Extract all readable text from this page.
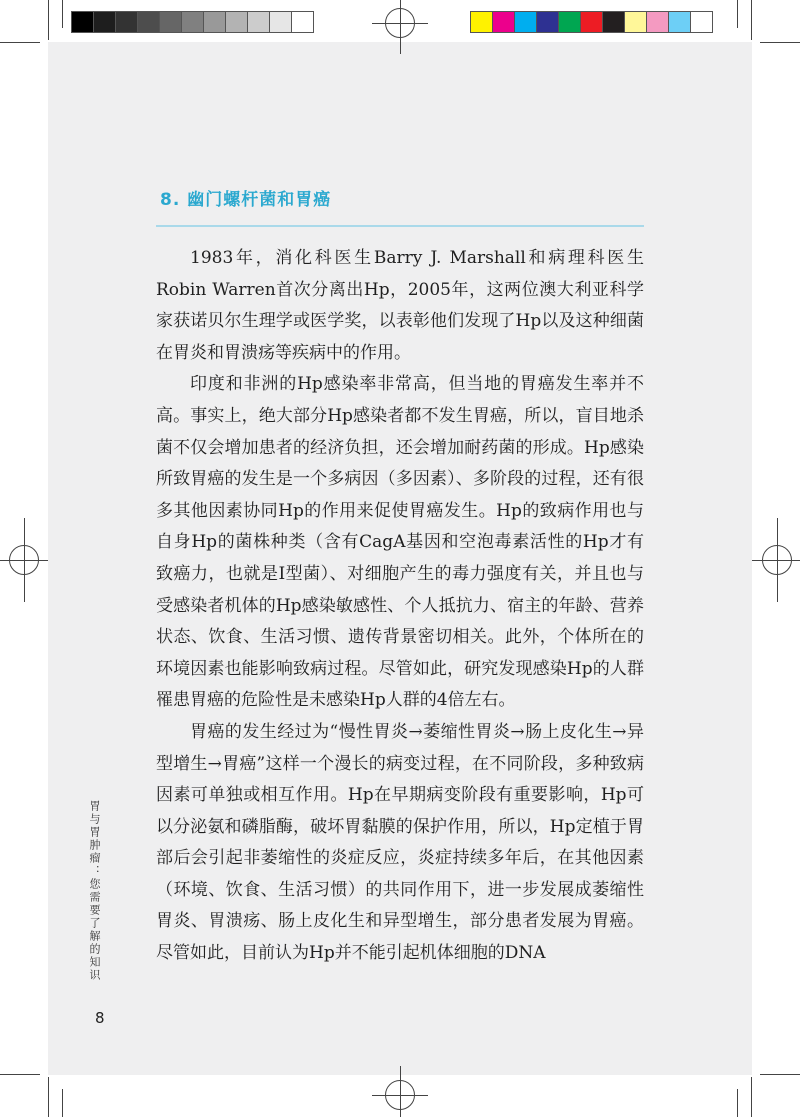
8. 幽门螺杆菌和胃癌

1983年，消化科医生Barry J. Marshall和病理科医生Robin Warren首次分离出Hp，2005年，这两位澳大利亚科学家获诺贝尔生理学或医学奖，以表彰他们发现了Hp以及这种细菌在胃炎和胃溃疡等疾病中的作用。

印度和非洲的Hp感染率非常高，但当地的胃癌发生率并不高。事实上，绝大部分Hp感染者都不发生胃癌，所以，盲目地杀菌不仅会增加患者的经济负担，还会增加耐药菌的形成。Hp感染所致胃癌的发生是一个多病因（多因素）、多阶段的过程，还有很多其他因素协同Hp的作用来促使胃癌发生。Hp的致病作用也与自身Hp的菌株种类（含有CagA基因和空泡毒素活性的Hp才有致癌力，也就是I型菌）、对细胞产生的毒力强度有关，并且也与受感染者机体的Hp感染敏感性、个人抵抗力、宿主的年龄、营养状态、饮食、生活习惯、遗传背景密切相关。此外，个体所在的环境因素也能影响致病过程。尽管如此，研究发现感染Hp的人群罹患胃癌的危险性是未感染Hp人群的4倍左右。

胃癌的发生经过为“慢性胃炎→萎缩性胃炎→肠上皮化生→异型增生→胃癌”这样一个漫长的病变过程，在不同阶段，多种致病因素可单独或相互作用。Hp在早期病变阶段有重要影响，Hp可以分泌氨和磷脂酶，破坏胃黏膜的保护作用，所以，Hp定植于胃部后会引起非萎缩性的炎症反应，炎症持续多年后，在其他因素（环境、饮食、生活习惯）的共同作用下，进一步发展成萎缩性胃炎、胃溃疡、肠上皮化生和异型增生，部分患者发展为胃癌。尽管如此，目前认为Hp并不能引起机体细胞的DNA

胃与胃肿瘤：您需要了解的知识
8
